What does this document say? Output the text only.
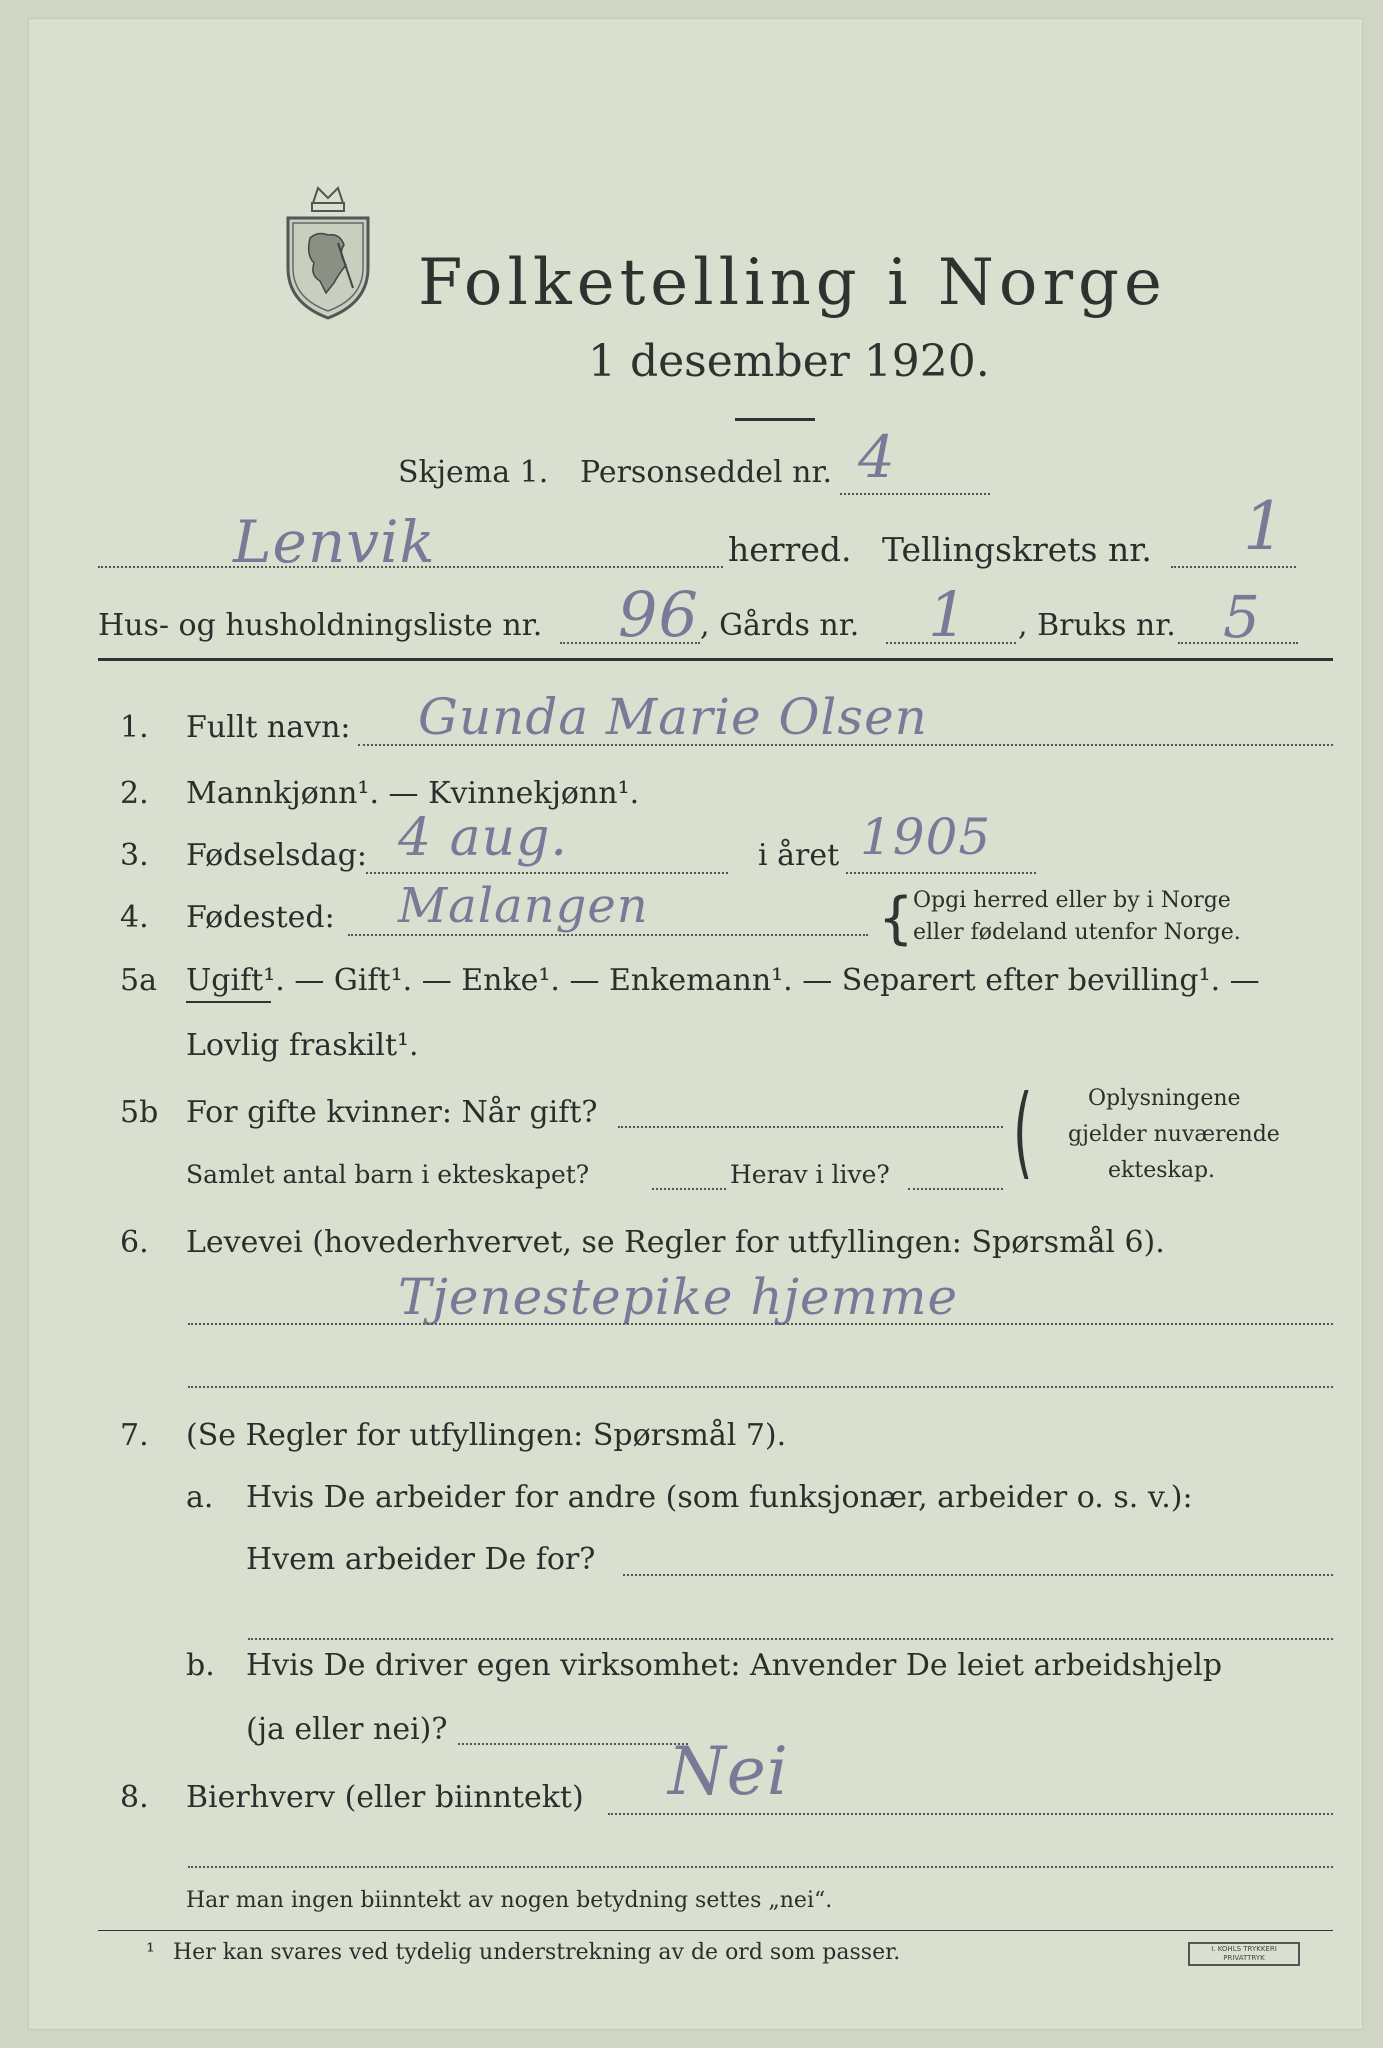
Folketelling i Norge
1 desember 1920.
Skjema 1. Personseddel nr. 4
Lenvik	herred. Tellingskrets nr. 1
Hus- og husholdningsliste nr. 96 , Gårds nr. 1 , Bruks nr. 5
1. Fullt navn: Gunda Marie Olsen
2. Mannkjønn¹. — Kvinnekjønn¹.
3. Fødselsdag: 4 aug.	i året 1905
4. Fødested: Malangen	{ Opgi herred eller by i Norge
eller fødeland utenfor Norge.
5a Ugift¹. — Gift¹. — Enke¹. — Enkemann¹. — Separert efter bevilling¹. —
Lovlig fraskilt¹.
5b For gifte kvinner: Når gift?
Samlet antal barn i ekteskapet?	Herav i live? (	Oplysningene
gjelder nuværende
ekteskap.
6. Levevei (hovederhvervet, se Regler for utfyllingen: Spørsmål 6).
Tjenestepike hjemme
7. (Se Regler for utfyllingen: Spørsmål 7).
a. Hvis De arbeider for andre (som funksjonær, arbeider o. s. v.):
Hvem arbeider De for?
b. Hvis De driver egen virksomhet: Anvender De leiet arbeidshjelp
(ja eller nei)?
8. Bierhverv (eller biinntekt) Nei
Har man ingen biinntekt av nogen betydning settes „nei“.
¹ Her kan svares ved tydelig understrekning av de ord som passer.	I. KOHLS TRYKKERI
PRIVATTRYK
